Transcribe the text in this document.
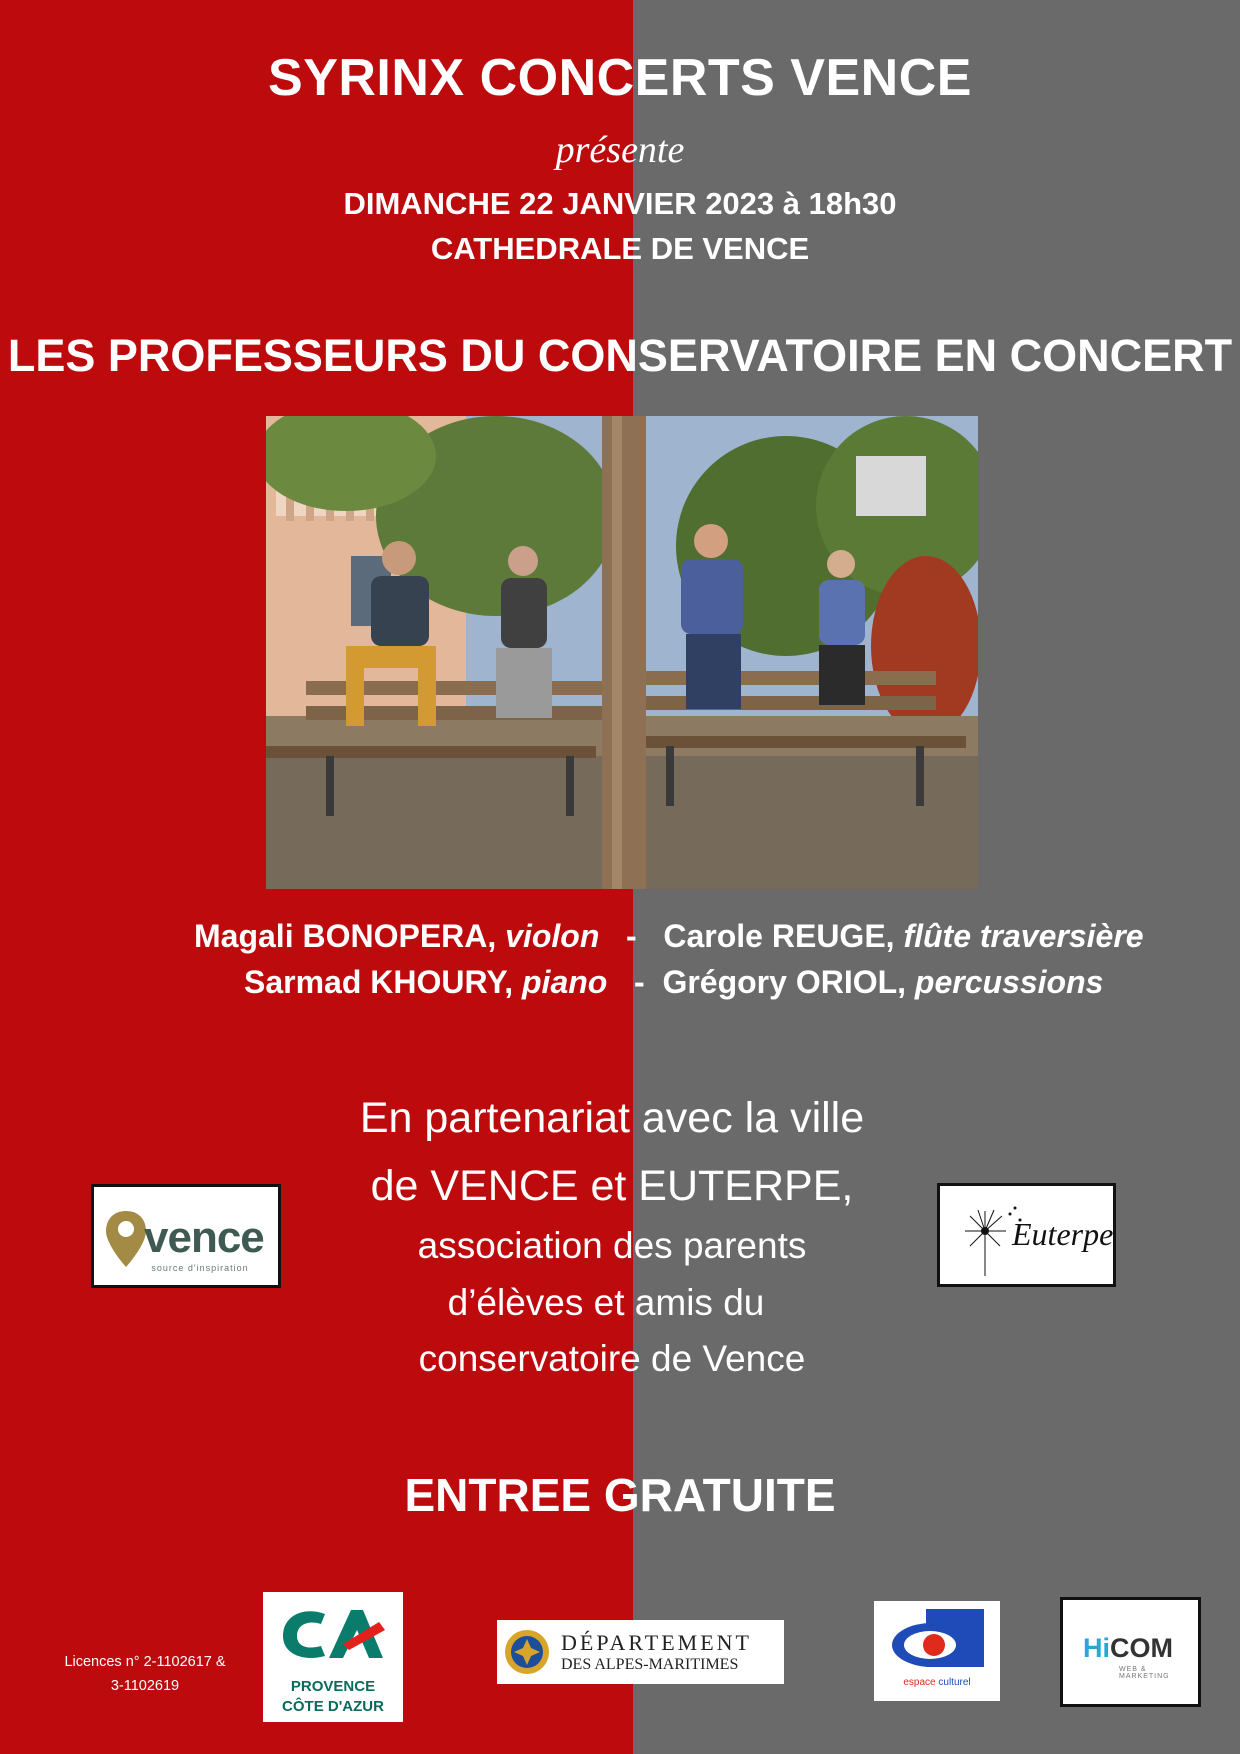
SYRINX CONCERTS VENCE
présente
DIMANCHE 22 JANVIER 2023 à 18h30
CATHEDRALE DE VENCE
LES PROFESSEURS DU CONSERVATOIRE EN CONCERT
Magali BONOPERA, violon   -   Carole REUGE, flûte traversière
Sarmad KHOURY, piano   -  Grégory ORIOL, percussions
En partenariat avec la ville
de VENCE et EUTERPE,
association des parents
d’élèves et amis du
conservatoire de Vence
vence
source d'inspiration
Euterpe
ENTREE GRATUITE
Licences n° 2-1102617 &
3-1102619	PROVENCE
CÔTE D'AZUR
DÉPARTEMENT
DES ALPES-MARITIMES
espace culturel
HiCOM
WEB & MARKETING
